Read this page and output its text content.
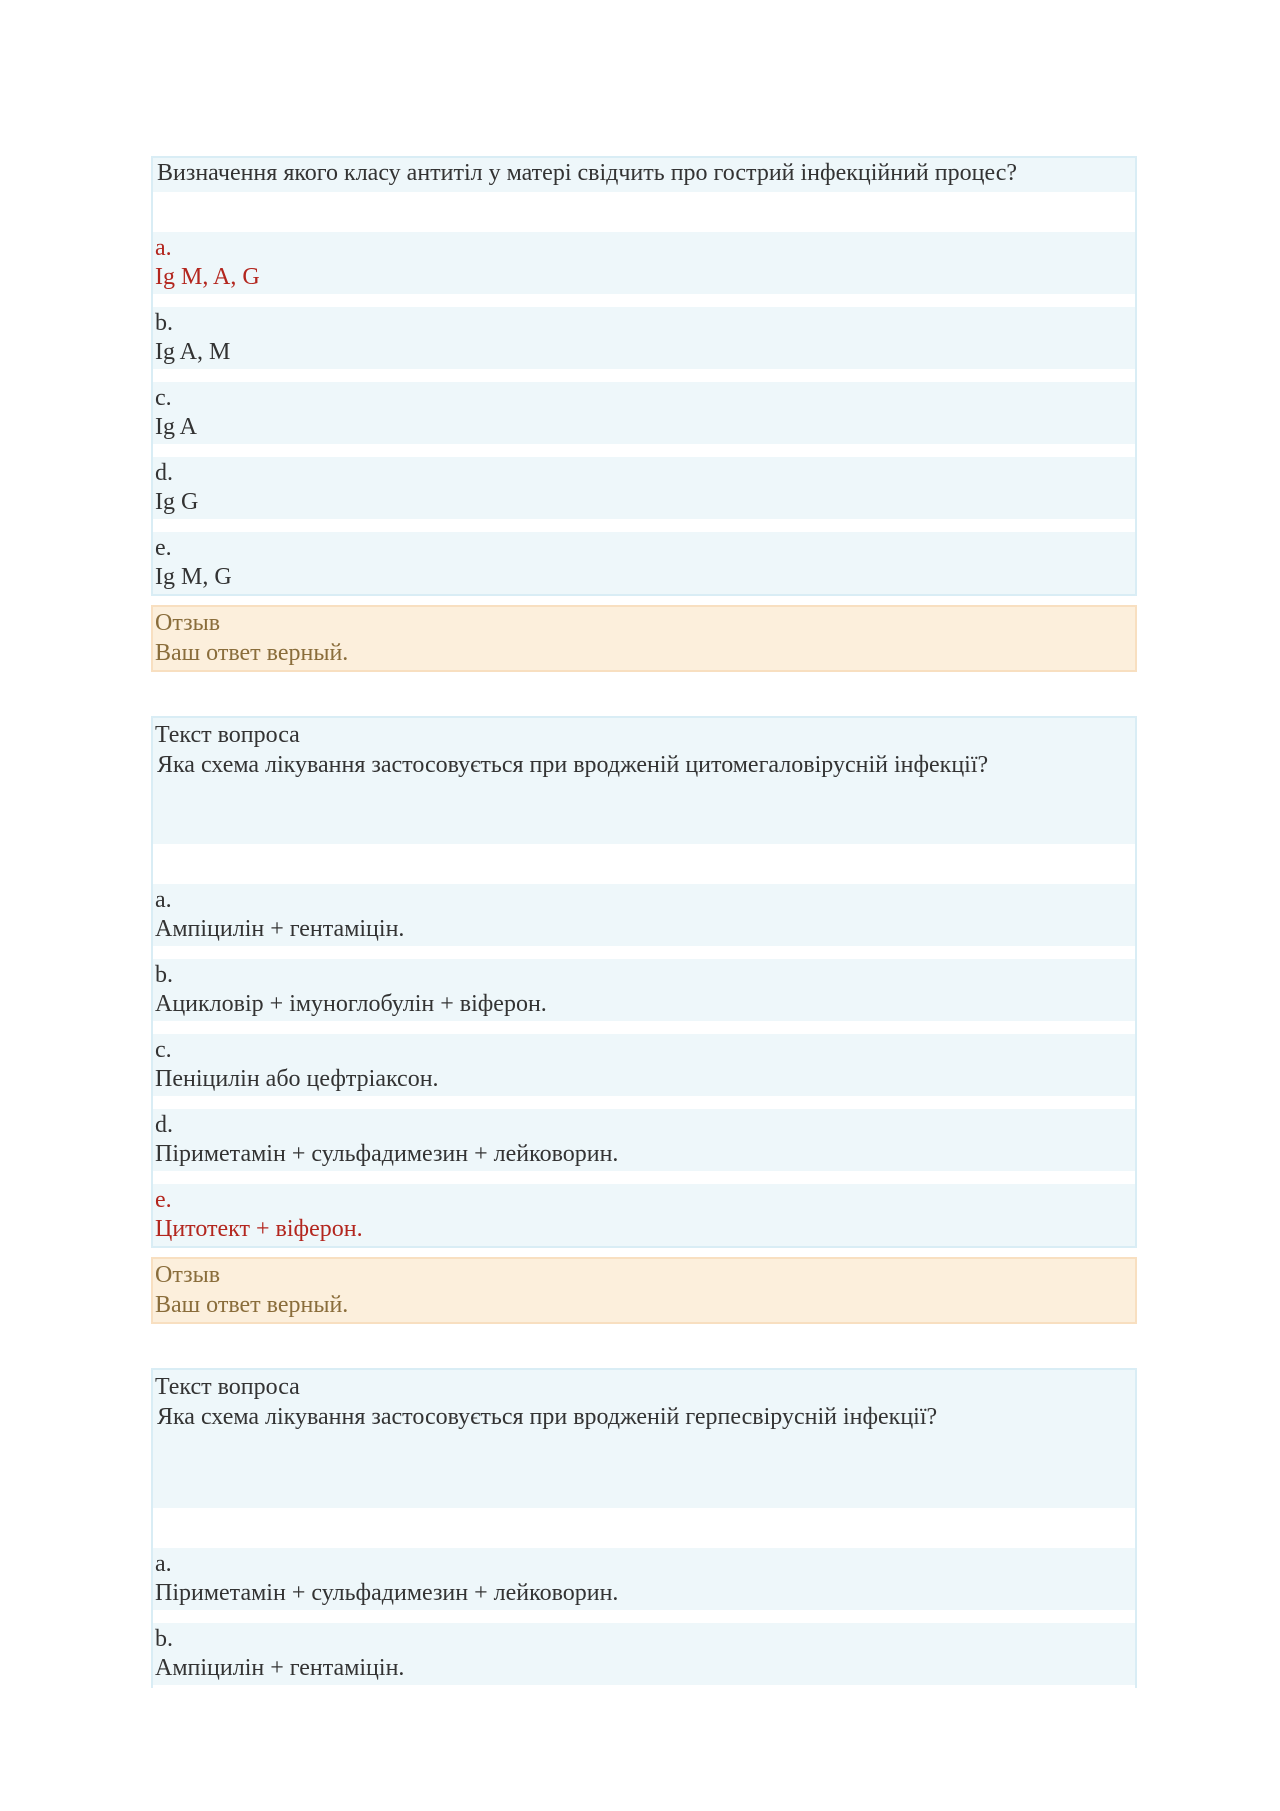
Визначення якого класу антитіл у матері свідчить про гострий інфекційний процес?
a.
Ig M, A, G
b.
Ig A, M
c.
Ig A
d.
Ig G
e.
Ig M, G
Отзыв
Ваш ответ верный.
Текст вопроса
Яка схема лікування застосовується при вродженій цитомегаловірусній інфекції?
a.
Ампіцилін + гентаміцін.
b.
Ацикловір + імуноглобулін + віферон.
c.
Пеніцилін або цефтріаксон.
d.
Піриметамін + сульфадимезин + лейковорин.
e.
Цитотект + віферон.
Отзыв
Ваш ответ верный.
Текст вопроса
Яка схема лікування застосовується при вродженій герпесвірусній інфекції?
a.
Піриметамін + сульфадимезин + лейковорин.
b.
Ампіцилін + гентаміцін.
